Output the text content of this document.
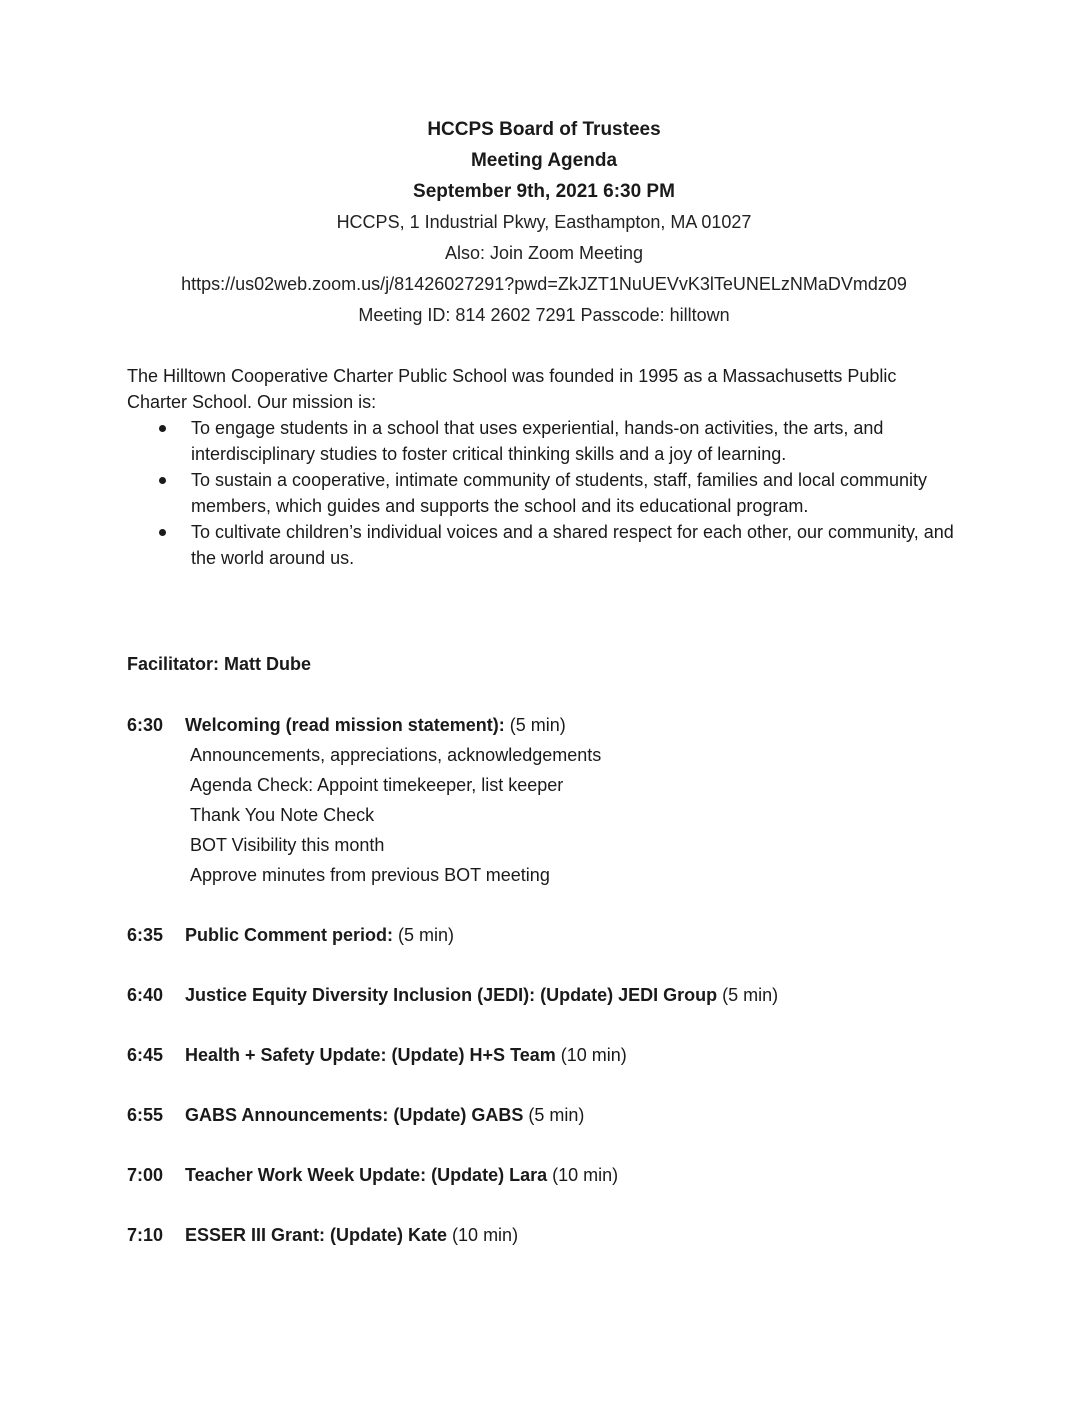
HCCPS Board of Trustees
Meeting Agenda
September 9th, 2021 6:30 PM
HCCPS, 1 Industrial Pkwy, Easthampton, MA 01027
Also: Join Zoom Meeting
https://us02web.zoom.us/j/81426027291?pwd=ZkJZT1NuUEVvK3lTeUNELzNMaDVmdz09
Meeting ID: 814 2602 7291 Passcode: hilltown

The Hilltown Cooperative Charter Public School was founded in 1995 as a Massachusetts Public Charter School. Our mission is:

To engage students in a school that uses experiential, hands-on activities, the arts, and interdisciplinary studies to foster critical thinking skills and a joy of learning.
To sustain a cooperative, intimate community of students, staff, families and local community members, which guides and supports the school and its educational program.
To cultivate children’s individual voices and a shared respect for each other, our community, and the world around us.
Facilitator: Matt Dube
6:30 Welcoming (read mission statement): (5 min)
Announcements, appreciations, acknowledgements
Agenda Check: Appoint timekeeper, list keeper
Thank You Note Check
BOT Visibility this month
Approve minutes from previous BOT meeting
6:35 Public Comment period: (5 min)
6:40 Justice Equity Diversity Inclusion (JEDI): (Update) JEDI Group (5 min)
6:45 Health + Safety Update: (Update) H+S Team (10 min)
6:55 GABS Announcements: (Update) GABS (5 min)
7:00 Teacher Work Week Update: (Update) Lara (10 min)
7:10 ESSER III Grant: (Update) Kate (10 min)
